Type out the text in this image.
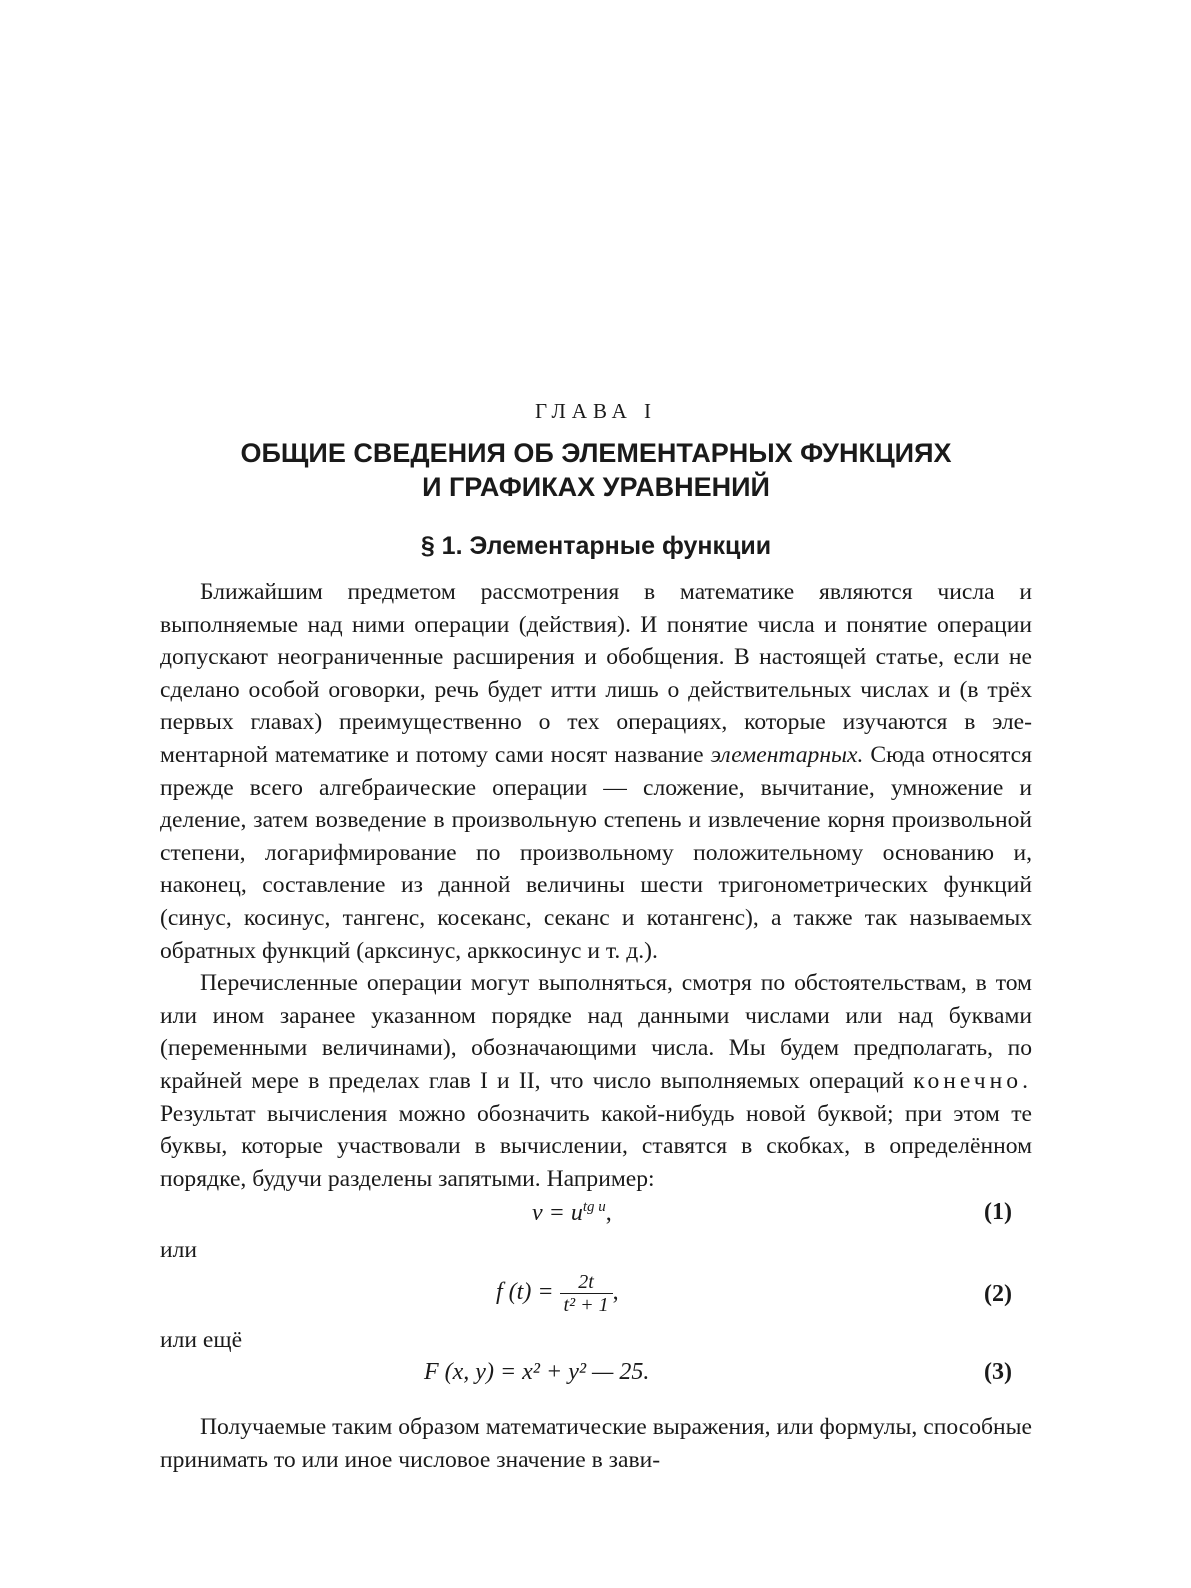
ГЛАВА I

ОБЩИЕ СВЕДЕНИЯ ОБ ЭЛЕМЕНТАРНЫХ ФУНКЦИЯХ

И ГРАФИКАХ УРАВНЕНИЙ

§ 1. Элементарные функции

Ближайшим предметом рассмотрения в математике являются числа и выполняемые над ними операции (действия). И понятие числа и понятие операции допускают неограниченные расширения и обобщения. В настоящей статье, если не сделано особой оговорки, речь будет итти лишь о действительных числах и (в трёх первых главах) преимущественно о тех операциях, которые изучаются в элементарной математике и потому сами носят название элементарных. Сюда относятся прежде всего алгебраические операции — сложение, вычитание, умножение и деление, затем возведение в произвольную степень и извлечение корня произвольной степени, логарифмирование по произвольному положительному основанию и, наконец, составление из данной величины шести тригонометрических функций (синус, косинус, тангенс, косеканс, секанс и котангенс), а также так называемых обратных функций (арксинус, арккосинус и т. д.).

Перечисленные операции могут выполняться, смотря по обстоятельствам, в том или ином заранее указанном порядке над данными числами или над буквами (переменными величинами), обозначающими числа. Мы будем предполагать, по крайней мере в пределах глав I и II, что число выполняемых операций конечно. Результат вычисления можно обозначить какой-нибудь новой буквой; при этом те буквы, которые участвовали в вычислении, ставятся в скобках, в определённом порядке, будучи разделены запятыми. Например:

$v = u^{tg u}$,	(1)

или

f $(t) = \frac{2t}{\text{t² + 1}}$ ,	(2)

или ещё

F (x, y) = x² + y² — 25.	(3)

Получаемые таким образом математические выражения, или формулы, способные принимать то или иное числовое значение в зави-
